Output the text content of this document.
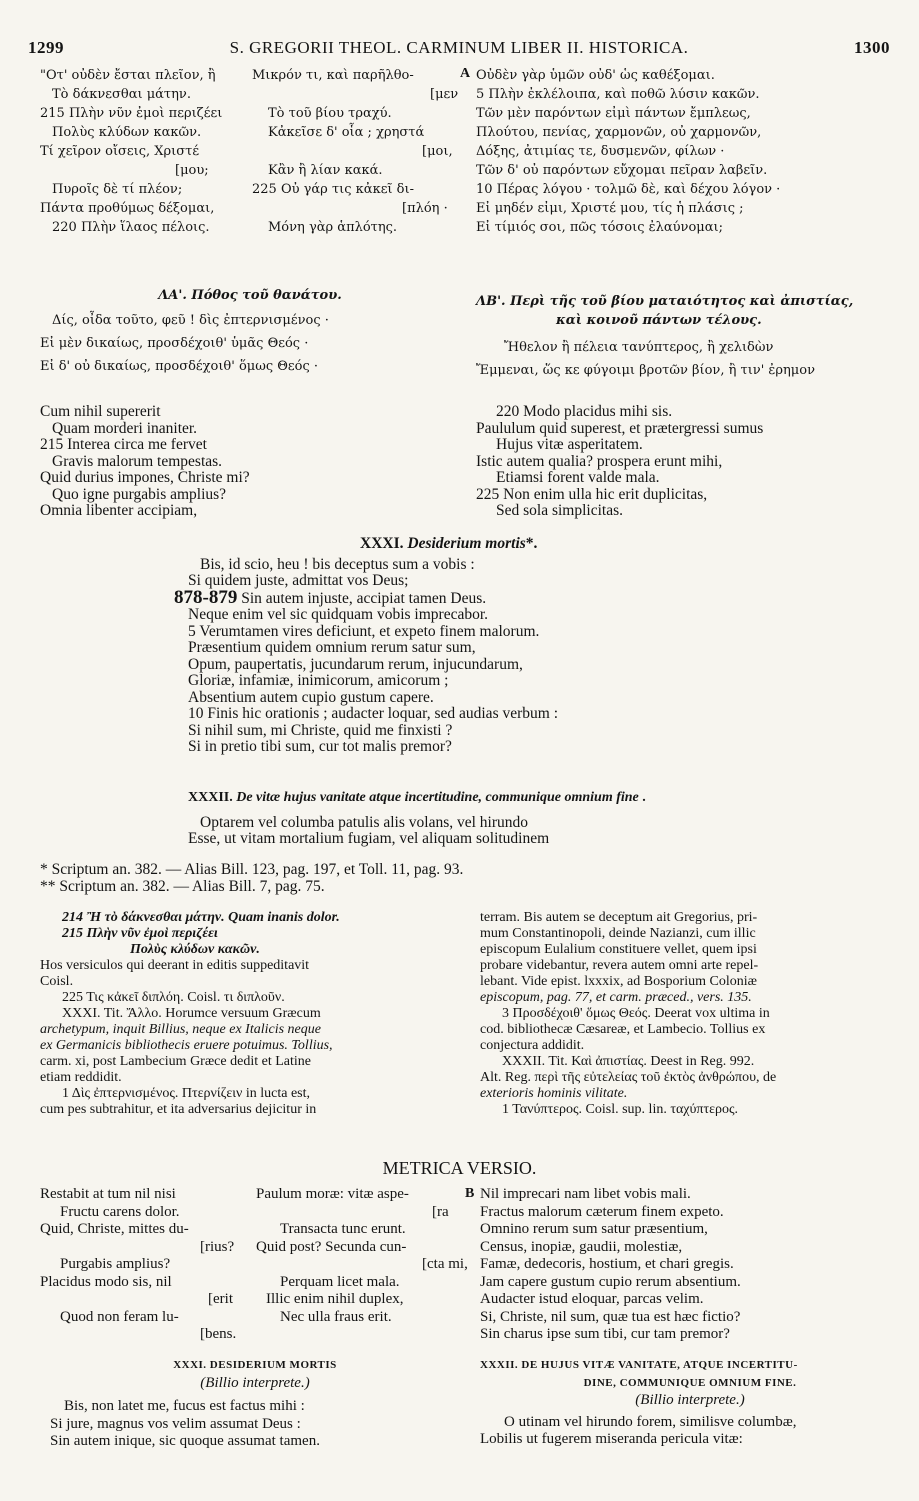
1299	S. GREGORII THEOL. CARMINUM LIBER II. HISTORICA.	1300
"Οτ' οὐδὲν ἔσται πλεῖον, ἢ
Τὸ δάκνεσθαι μάτην.
215 Πλὴν νῦν ἐμοὶ περιζέει
Πολὺς κλύδων κακῶν.
Τί χεῖρον οἴσεις, Χριστέ
[μου;
Πυροῖς δὲ τί πλέον;
Πάντα προθύμως δέξομαι,
220 Πλὴν ἵλαος πέλοις.
Μικρόν τι, καὶ παρῆλθο-
[μεν
Τὸ τοῦ βίου τραχύ.
Κἀκεῖσε δ' οἷα ; χρηστά
[μοι,
Κἂν ἢ λίαν κακά.
225 Οὐ γάρ τις κἀκεῖ δι-
[πλόη ·
Μόνη γὰρ ἁπλότης.
A Οὐδὲν γὰρ ὑμῶν οὐδ' ὡς καθέξομαι.
5 Πλὴν ἐκλέλοιπα, καὶ ποθῶ λύσιν κακῶν.
Τῶν μὲν παρόντων εἰμὶ πάντων ἔμπλεως,
Πλούτου, πενίας, χαρμονῶν, οὐ χαρμονῶν,
Δόξης, ἀτιμίας τε, δυσμενῶν, φίλων ·
Τῶν δ' οὐ παρόντων εὔχομαι πεῖραν λαβεῖν.
10 Πέρας λόγου · τολμῶ δὲ, καὶ δέχου λόγον ·
Εἰ μηδέν εἰμι, Χριστέ μου, τίς ἡ πλάσις ;
Εἰ τίμιός σοι, πῶς τόσοις ἐλαύνομαι;
ΛΑ'. Πόθος τοῦ θανάτου.
Δίς, οἶδα τοῦτο, φεῦ ! δὶς ἐπτερνισμένος ·
Εἰ μὲν δικαίως, προσδέχοιθ' ὑμᾶς Θεός ·
Εἰ δ' οὐ δικαίως, προσδέχοιθ' ὅμως Θεός ·
ΛΒ'. Περὶ τῆς τοῦ βίου ματαιότητος καὶ ἀπιστίας,
καὶ κοινοῦ πάντων τέλους.
Ἤθελον ἢ πέλεια τανύπτερος, ἢ χελιδὼν
Ἔμμεναι, ὥς κε φύγοιμι βροτῶν βίον, ἢ τιν' ἐρημον
Cum nihil supererit
Quam morderi inaniter.
215 Interea circa me fervet
Gravis malorum tempestas.
Quid durius impones, Christe mi?
Quo igne purgabis amplius?
Omnia libenter accipiam,
220 Modo placidus mihi sis.
Paululum quid superest, et prætergressi sumus
Hujus vitæ asperitatem.
Istic autem qualia? prospera erunt mihi,
Etiamsi forent valde mala.
225 Non enim ulla hic erit duplicitas,
Sed sola simplicitas.
XXXI. Desiderium mortis*.
Bis, id scio, heu ! bis deceptus sum a vobis :
Si quidem juste, admittat vos Deus;
878-879 Sin autem injuste, accipiat tamen Deus.
Neque enim vel sic quidquam vobis imprecabor.
5 Verumtamen vires deficiunt, et expeto finem malorum.
Præsentium quidem omnium rerum satur sum,
Opum, paupertatis, jucundarum rerum, injucundarum,
Gloriæ, infamiæ, inimicorum, amicorum ;
Absentium autem cupio gustum capere.
10 Finis hic orationis ; audacter loquar, sed audias verbum :
Si nihil sum, mi Christe, quid me finxisti ?
Si in pretio tibi sum, cur tot malis premor?
XXXII. De vitæ hujus vanitate atque incertitudine, communique omnium fine .
Optarem vel columba patulis alis volans, vel hirundo
Esse, ut vitam mortalium fugiam, vel aliquam solitudinem
* Scriptum an. 382. — Alias Bill. 123, pag. 197, et Toll. 11, pag. 93.
** Scriptum an. 382. — Alias Bill. 7, pag. 75.
214 Ἢ τὸ δάκνεσθαι μάτην. Quam inanis dolor.
215 Πλὴν νῦν ἐμοὶ περιζέει
Πολὺς κλύδων κακῶν.
Hos versiculos qui deerant in editis suppeditavit
Coisl.
225 Τις κἀκεῖ διπλόη. Coisl. τι διπλοῦν.
XXXI. Tit. Ἄλλο. Horumce versuum Græcum
archetypum, inquit Billius, neque ex Italicis neque
ex Germanicis bibliothecis eruere potuimus. Tollius,
carm. xi, post Lambecium Græce dedit et Latine
etiam reddidit.
1 Δὶς ἐπτερνισμένος. Πτερνίζειν in lucta est,
cum pes subtrahitur, et ita adversarius dejicitur in
terram. Bis autem se deceptum ait Gregorius, pri-
mum Constantinopoli, deinde Nazianzi, cum illic
episcopum Eulalium constituere vellet, quem ipsi
probare videbantur, revera autem omni arte repel-
lebant. Vide epist. lxxxix, ad Bosporium Coloniæ
episcopum, pag. 77, et carm. præced., vers. 135.
3 Προσδέχοιθ' ὅμως Θεός. Deerat vox ultima in
cod. bibliothecæ Cæsareæ, et Lambecio. Tollius ex
conjectura addidit.
XXXII. Tit. Καὶ ἀπιστίας. Deest in Reg. 992.
Alt. Reg. περὶ τῆς εὐτελείας τοῦ ἐκτὸς ἀνθρώπου, de
exterioris hominis vilitate.
1 Τανύπτερος. Coisl. sup. lin. ταχύπτερος.
METRICA VERSIO.
Restabit at tum nil nisi
Fructu carens dolor.
Quid, Christe, mittes du-
[rius?
Purgabis amplius?
Placidus modo sis, nil
[erit
Quod non feram lu-
[bens.
Paulum moræ: vitæ aspe-
[ra
Transacta tunc erunt.
Quid post? Secunda cun-
[cta mi,
Perquam licet mala.
Illic enim nihil duplex,
Nec ulla fraus erit.
B Nil imprecari nam libet vobis mali.
Fractus malorum cæterum finem expeto.
Omnino rerum sum satur præsentium,
Census, inopiæ, gaudii, molestiæ,
Famæ, dedecoris, hostium, et chari gregis.
Jam capere gustum cupio rerum absentium.
Audacter istud eloquar, parcas velim.
Si, Christe, nil sum, quæ tua est hæc fictio?
Sin charus ipse sum tibi, cur tam premor?
XXXI. DESIDERIUM MORTIS
(Billio interprete.)
Bis, non latet me, fucus est factus mihi :
Si jure, magnus vos velim assumat Deus :
Sin autem inique, sic quoque assumat tamen.
XXXII. DE HUJUS VITÆ VANITATE, ATQUE INCERTITU-
DINE, COMMUNIQUE OMNIUM FINE.
(Billio interprete.)
O utinam vel hirundo forem, similisve columbæ,
Lobilis ut fugerem miseranda pericula vitæ:
